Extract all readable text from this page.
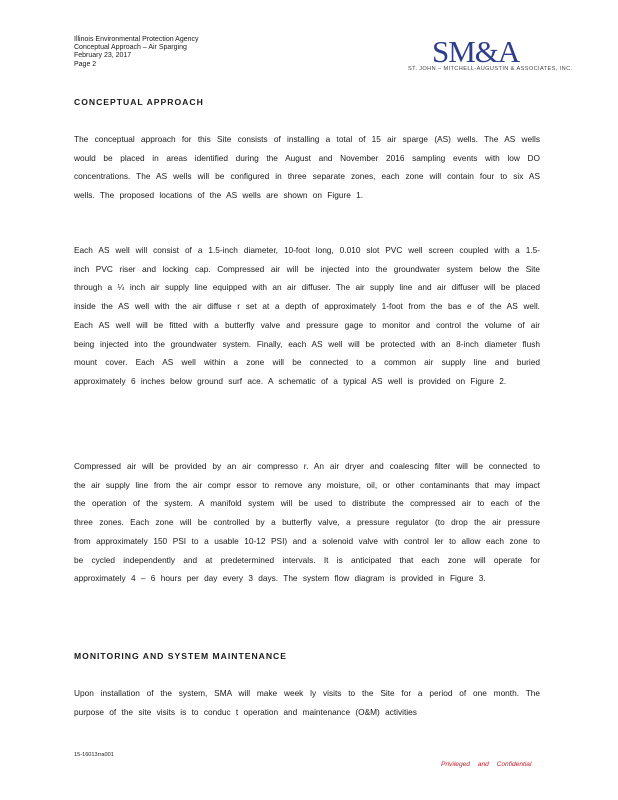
Illinois Environmental Protection Agency
Conceptual Approach – Air Sparging
February 23, 2017
Page 2	SM&A
ST. JOHN – MITCHELL-AUGUSTIN & ASSOCIATES, INC.
CONCEPTUAL APPROACH
The conceptual approach for this Site consists of installing a total of 15 air sparge (AS) wells. The AS wells would be placed in areas identified during the August and November 2016 sampling events with low DO concentrations. The AS wells will be configured in three separate zones, each zone will contain four to six AS wells. The proposed locations of the AS wells are shown on Figure 1.
Each AS well will consist of a 1.5-inch diameter, 10-foot long, 0.010 slot PVC well screen coupled with a 1.5-inch PVC riser and locking cap. Compressed air will be injected into the groundwater system below the Site through a ¼ inch air supply line equipped with an air diffuser. The air supply line and air diffuser will be placed inside the AS well with the air diffuse r set at a depth of approximately 1-foot from the bas e of the AS well. Each AS well will be fitted with a butterfly valve and pressure gage to monitor and control the volume of air being injected into the groundwater system. Finally, each AS well will be protected with an 8-inch diameter flush mount cover. Each AS well within a zone will be connected to a common air supply line and buried approximately 6 inches below ground surf ace. A schematic of a typical AS well is provided on Figure 2.
Compressed air will be provided by an air compresso r. An air dryer and coalescing filter will be connected to the air supply line from the air compr essor to remove any moisture, oil, or other contaminants that may impact the operation of the system. A manifold system will be used to distribute the compressed air to each of the three zones. Each zone will be controlled by a butterfly valve, a pressure regulator (to drop the air pressure from approximately 150 PSI to a usable 10-12 PSI) and a solenoid valve with control ler to allow each zone to be cycled independently and at predetermined intervals. It is anticipated that each zone will operate for approximately 4 – 6 hours per day every 3 days. The system flow diagram is provided in Figure 3.
MONITORING AND SYSTEM MAINTENANCE
Upon installation of the system, SMA will make week ly visits to the Site for a period of one month. The purpose of the site visits is to conduc t operation and maintenance (O&M) activities
15-16013rra001
Privileged and Confidential
